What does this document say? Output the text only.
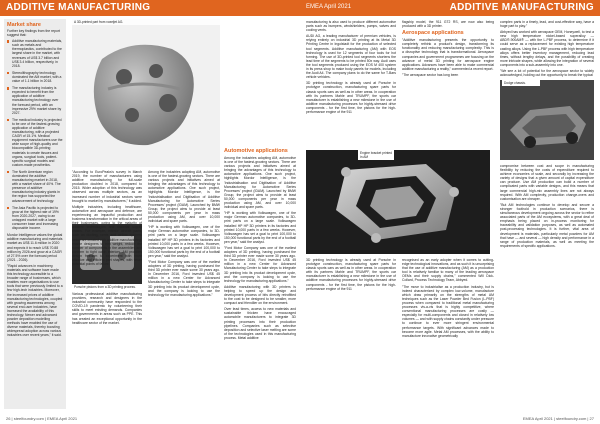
ADDITIVE MANUFACTURING
Market share
Further key findings from the report suggest that:
Additive manufacturing materials, such as metals and thermoplastics, contributed to the largest share in the market, with revenues of US$ 3.7 billion and US$ 3.4 billion, respectively, in 2018.
Stereolithography technology dominated the AM market, with a value of 1.1 billion in 2018.
The manufacturing industry is expected to benefit from the application of additive manufacturing technology over the forecast period, with an impressive 29% market share by 2027.
The medical industry is projected to be one of the fastest-growing application of additive manufacturing, with a projected CAGR of 15.1%. Medical equipment manufacturers use the wide scope of high-quality and biocompatible 3D-printing materials to create tissues and organs, surgical tools, patient-specific surgical models and custom-made prosthetics.
The North American region dominated the additive manufacturing market in 2018, with a market share of 40%. The presence of additive manufacturing industry giants in the region has supported the advancement of technology.
The Asia Pacific is projected to grow at the highest rate of 19% from 2020-2027, owing to an untapped market with a large consumer base and increasing disposable income.
Mordor Intelligence values the global additive manufacturing and materials market as US$ 11.6 million in 2020 and expects it to reach US$ 70.88 million by 2026 and grow at a CAGR of 27.5% over the forecast period (2021 - 2026).
"Rapid advances in machinery, materials and software have made this technology accessible to a broader range of businesses, which enables more organisations to use tools that were previously limited to a few high-tech industries. Moreover, the increased prices of additive manufacturing technologies, coupled with growing awareness among several end-user industries, have increased the availability of this technology. Newer and advanced powder deposition modelling methods have enabled the use of diverse materials, thereby boosting widespread adoption across various industries over recent years," it said.
A 3D-printed part from voxeljet AG.
Porsche pistons from a 3D printing process.

"According to EuroPeaks's survey in March 2019, the number of manufacturers using additive manufacturing for full-scale production doubled in 2018, compared to 2015. Wider adoption of this technology was observed across multiple sectors, as an increased number of industrial sectors were brought to market by manufacturers," it added.

Multiple industries, including healthcare, automotive and aerospace and defence, are experiencing an impactful production and business transformation in the critical areas of their businesses, owing to the maturity of additive technologies and material supply chains. For example, interior aircraft parts, such as ducting, vents and airflow systems which are created with additive manufacturing, enable designers to trim weight, reduce the number of components in the assemblies and conform to tight cabin interiors. AM provides design freedom to experiment with more effective and efficient part shapes, with fewer potential points of failure.

Various professional additive manufacturing providers, research and designers in the industrial community have responded to the COVID-19 pandemic by volunteering their skills to meet existing demands. Companies and governments in areas such as PPE. This has created an exceptional opportunity in the healthcare sector of the market.

Automotive applications

Among the industries adopting AM, automotive is one of the fastest-growing sectors. There are various projects and initiatives aimed at bringing the advantages of this technology to automotive applications. One such project, highlights Mordor Intelligence, is the 'Industrialisation and Digitisation of Additive Manufacturing for Automotive Series Processes' project (IDAM). Launched by BMW Group, the project aims to provide at least 50,000 components per year in mass production using AM, and over 10,000 individual and spare parts.

"HP is working with Volkswagen, one of the major German automotive companies, to 3D-print parts on a large scale. Volkswagen installed HP HP 3D printers in its factories and printed 10,000 parts in a few weeks. However, Volkswagen has set a goal to print 100,000 to 150,000 functional parts by the end of a football pen year," said the analyst.

"Ford Motor Company was one of the earliest adopters of 3D printing, having purchased the third 3D printer ever made some 30 years ago. In December 2016, Ford invested US$ 45 million in a new Center for Advanced Manufacturing Center to take steps to integrate 3D printing into its product development cycle, and the company is looking to use the technology for manufacturing applications."

Additive manufacturing with 3D printers is helping to speed up the design and development process of bits directly retrofitted to the cost to be designed to be smaller, more compact and friendlier on the environment.

Over lead times, access to new materials and sustainable thicken have encouraged automobile manufacturers to integrate 3D printing processes into their production pipelines. Companies such as selective deposition and selective laser melting are some of the technologies used in this manufacturing process. Metal additive

Among the industries adopting AM, automotive is one of the fastest-growing sectors. There are various projects and initiatives aimed at bringing the advantages of this technology to automotive applications. One such project, highlights Mordor Intelligence, is the 'Industrialisation and Digitisation of Additive Manufacturing for Automotive Series Processes' project (IDAM). Launched by BMW Group, the project aims to provide at least 50,000 components per year in mass production using AM, and over 10,000 individual and spare parts.

"HP is working with Volkswagen, one of the major German automotive companies, to 3D-print parts on a large scale. Volkswagen installed HP HP 3D printers in its factories and printed 10,000 parts in a few weeks. However, Volkswagen has set a goal to print 100,000 to 150,000 functional parts by the end of a football pen year," said the analyst.

"Ford Motor Company was one of the earliest adopters of 3D printing, having purchased the third 3D printer ever made some 30 years ago. In December 2016, Ford invested US$ 45 million in a new Center for Advanced Manufacturing Center to take steps to integrate 3D printing into its product development cycle, and the company is looking to use the technology for manufacturing applications."

26 | steelfoundry.com | EMEA April 2021
EMEA April 2021	ADDITIVE MANUFACTURING

manufacturing is also used to produce different automotive parts such as bumpers, windshielders, pumps, valves and cooling vents.

AUDI AG, a leading manufacturer of premium vehicles, is relying entirely on industrial 3D printing at its Metal 3D Printing Centre in Ingolstadt for the production of selected tool segments. Additive manufacturing (AM) with EOS technology is used for 12 segments of four tools for hot forming. The use of 3D-printed tool segments shortens the lead time of the segments to be printed 50x way. Audi uses the tool segments produced using the EOS M 400 system in its press shop to make body panels for models, including the Audi A4. The company plans to do the same for T-Bars vehicle vehicles.

3D printing technology is already used at Porsche in prototype construction, manufacturing spare parts for classic sports cars as well as in other areas. In cooperation with its partners Mahle and TRUMPF, the sports car manufacturer is establishing a new milestone in the use of additive manufacturing processes for highly-stressed drive components - for the first time, the pistons for the high-performance engine of the 911

flagship model, the 911 GT2 RS, are now also being produced with a 3D printer.

Aerospace applications

"Additive manufacturing presents the opportunity to completely rethink a product's design, transforming its functionality and reducing manufacturing complexity. This is a disruptive technology that is transformational. Aerospace companies and government programmes are focusing on the advance of metal 3D printing for aerospace engine applications. Advances have been able to make commercial additive manufacturing a reality," commented a recent report.

"The aerospace sector has long been

complex parts in a timely, lead, and cost-effective way, have a huge part to play."

Abbyed has worked with aerospace OEM, Honeywell, to test a new high temperature nickel-based superalloy — ABD®-900AM® — with the L-PBF process, to determine if it could serve as a replacement for existing high temperature casting alloys. Using the L-PBF process with high temperature alloys offers better inventory management, reducing lead times, without lengthy delays, and the possibility of creating more intricate shapes, while allowing the integration of several components into a sub-assembly into one.

"We see a lot of potential for the aerospace sector to widely acknowledged, holding out the opportunity to break the typical

Engine bracket printed in AM
Dodge chassis.

recognised as an early adopter when it comes to cutting-edge technological innovations, and as such it is unsurprising that the use of additive manufacturing (AM) as a production tool is relatively familiar to many of the leading aerospace OEMs and their supply chains," commented Will Dick-Collard, Process Technology Team, Abbyed.

"The move to industrialise as a production industry, but is indeed characterized by complex low-volume, manufacture which draw primarily on the strengths of metal AM techniques such as the Laser Powder Bed Fusion (L-PBF) process when compared to traditional metal manufacturing processes vis-a-vis that is highly competitive, where conventional manufacturing processes are costly — especially for multi-components and closed in relatively low volumes — and with supply chains constantly under pressure to continue to ever more stringent environmental performance targets. With significant advances made to become more agile. Metal AM processes, with the ability to manufacture innovative geometrically

compromise between cost and scope in manufacturing flexibility by reducing the costs of expenditure required to achieve economies of scale, and secondly by increasing the variety of designs that a given amount of capital expenditure can produce. Use AM production can build a number of complicated parts with variable designs, and this means that large commercial high-mix assembly lines are not always required. With AM complexity, production change-overs and customisation are cheaper.

"But AM technologies continue to develop and secure a stronger foothold in production scenarios, there is simultaneous development ongoing across the sector to refine associated parts of the AM ecosystems, with a great deal of emphasis being placed on in-process monitoring for traceability and validation purposes, as well as automated post-processing technologies. It is further, vital area of development is materials, particularly metal powders for AM that have — and several — high density and performance in a range of production materials, as well as meeting the requirements of specific applications.

3D printing technology is already used at Porsche in prototype construction, manufacturing spare parts for classic sports cars as well as in other areas. In cooperation with its partners Mahle and TRUMPF, the sports car manufacturer is establishing a new milestone in the use of additive manufacturing processes for highly-stressed drive components - for the first time, the pistons for the high-performance engine of the 911

EMEA April 2021 | steelfoundry.com | 27
